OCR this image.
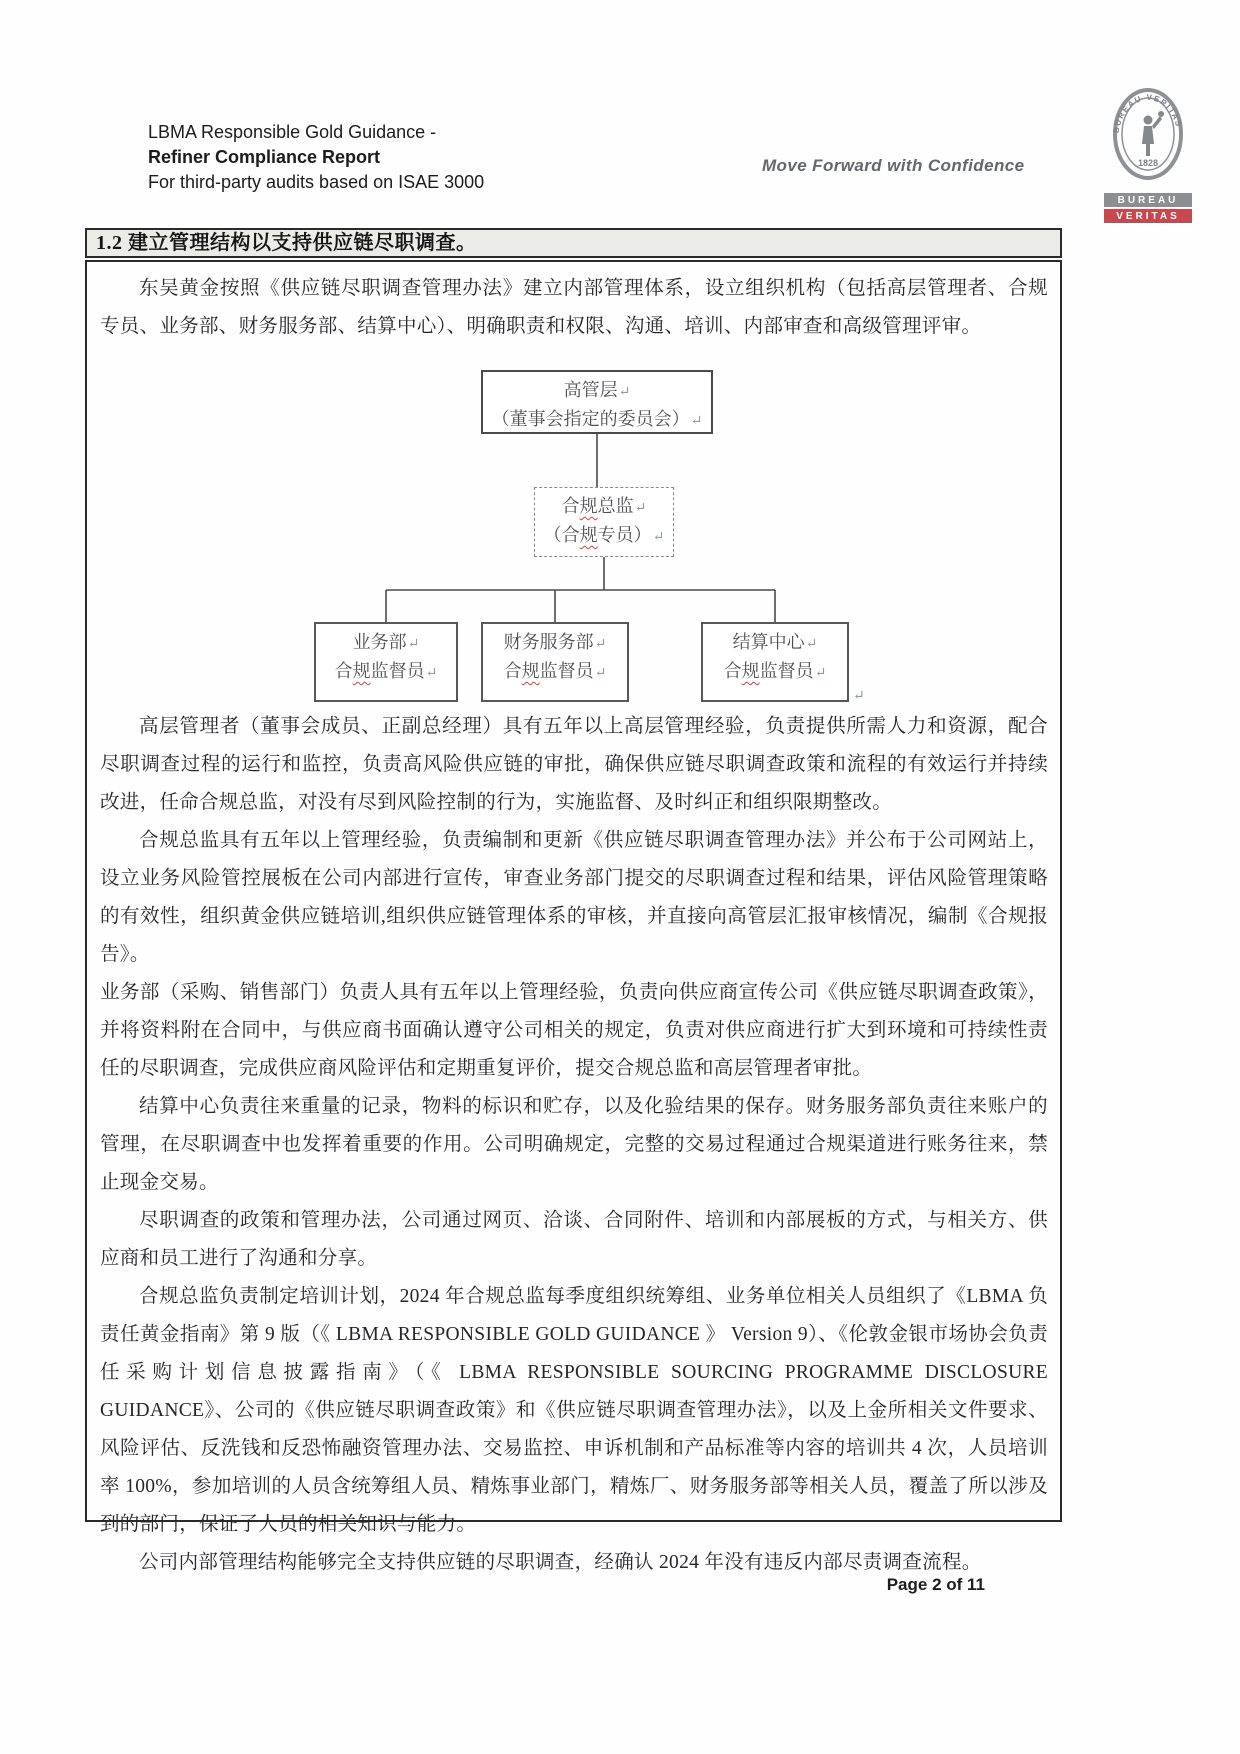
LBMA Responsible Gold Guidance -
Refiner Compliance Report
For third-party audits based on ISAE 3000
Move Forward with Confidence
BUREAU VERITAS
1828
BUREAU
VERITAS
1.2 建立管理结构以支持供应链尽职调查。

东吴黄金按照《供应链尽职调查管理办法》建立内部管理体系，设立组织机构（包括高层管理者、合规专员、业务部、财务服务部、结算中心）、明确职责和权限、沟通、培训、内部审查和高级管理评审。

高管层↵
（董事会指定的委员会）↵
合规总监↵
（合规专员）↵
业务部↵
合规监督员↵
财务服务部↵
合规监督员↵
结算中心↵
合规监督员↵
↵

高层管理者（董事会成员、正副总经理）具有五年以上高层管理经验，负责提供所需人力和资源，配合尽职调查过程的运行和监控，负责高风险供应链的审批，确保供应链尽职调查政策和流程的有效运行并持续改进，任命合规总监，对没有尽到风险控制的行为，实施监督、及时纠正和组织限期整改。

合规总监具有五年以上管理经验，负责编制和更新《供应链尽职调查管理办法》并公布于公司网站上，设立业务风险管控展板在公司内部进行宣传，审查业务部门提交的尽职调查过程和结果，评估风险管理策略的有效性，组织黄金供应链培训,组织供应链管理体系的审核，并直接向高管层汇报审核情况，编制《合规报告》。

业务部（采购、销售部门）负责人具有五年以上管理经验，负责向供应商宣传公司《供应链尽职调查政策》，并将资料附在合同中，与供应商书面确认遵守公司相关的规定，负责对供应商进行扩大到环境和可持续性责任的尽职调查，完成供应商风险评估和定期重复评价，提交合规总监和高层管理者审批。

结算中心负责往来重量的记录，物料的标识和贮存，以及化验结果的保存。财务服务部负责往来账户的管理，在尽职调查中也发挥着重要的作用。公司明确规定，完整的交易过程通过合规渠道进行账务往来，禁止现金交易。

尽职调查的政策和管理办法，公司通过网页、洽谈、合同附件、培训和内部展板的方式，与相关方、供应商和员工进行了沟通和分享。

合规总监负责制定培训计划，2024 年合规总监每季度组织统筹组、业务单位相关人员组织了《LBMA 负责任黄金指南》第 9 版（《 LBMA RESPONSIBLE GOLD GUIDANCE 》 Version 9）、《伦敦金银市场协会负责任采购计划信息披露指南》（《 LBMA RESPONSIBLE SOURCING PROGRAMME DISCLOSURE GUIDANCE》、公司的《供应链尽职调查政策》和《供应链尽职调查管理办法》，以及上金所相关文件要求、风险评估、反洗钱和反恐怖融资管理办法、交易监控、申诉机制和产品标准等内容的培训共 4 次，人员培训率 100%，参加培训的人员含统筹组人员、精炼事业部门，精炼厂、财务服务部等相关人员，覆盖了所以涉及到的部门，保证了人员的相关知识与能力。

公司内部管理结构能够完全支持供应链的尽职调查，经确认 2024 年没有违反内部尽责调查流程。

Page 2 of 11
